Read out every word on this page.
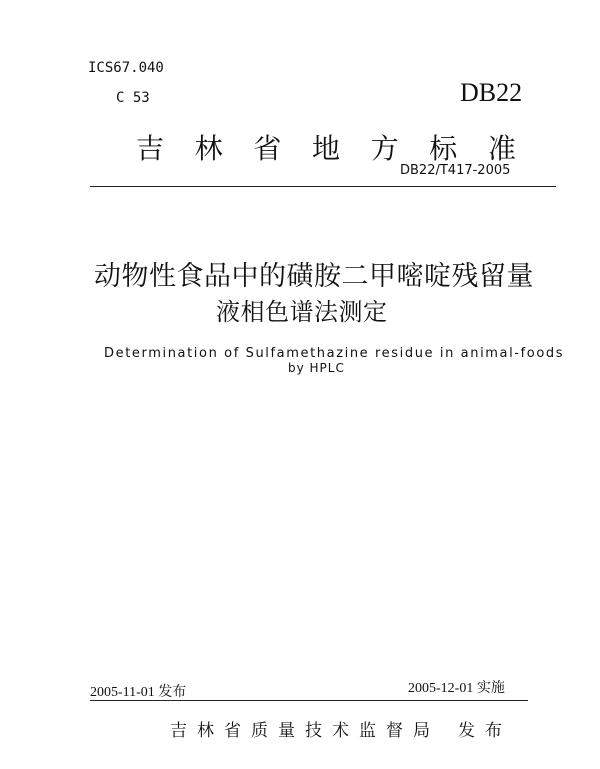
ICS67.040
C 53	DB22
吉 林 省 地 方 标 准
DB22/T417-2005
动物性食品中的磺胺二甲嘧啶残留量
液相色谱法测定
Determination of Sulfamethazine residue in animal-foods
by HPLC
2005-11-01 发布	2005-12-01 实施
吉 林 省 质 量 技 术 监 督 局 发布
